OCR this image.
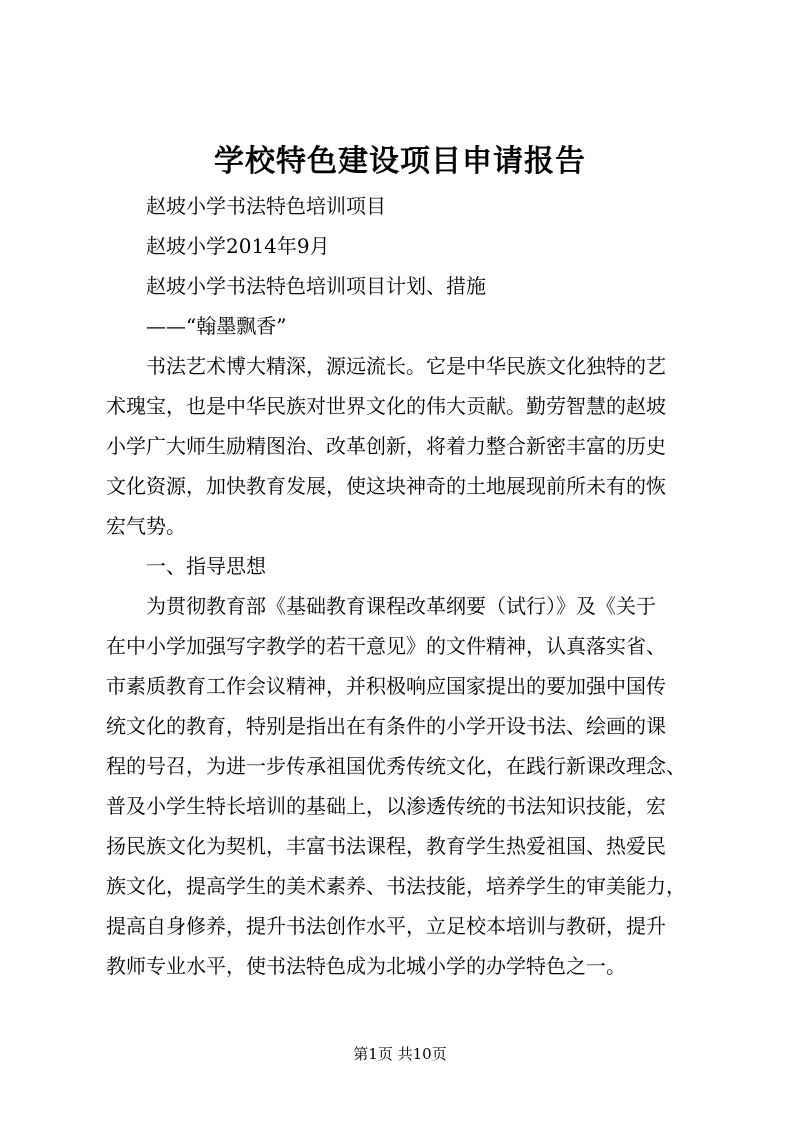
学校特色建设项目申请报告
赵坡小学书法特色培训项目
赵坡小学2014年9月
赵坡小学书法特色培训项目计划、措施
——“翰墨飘香”
书法艺术博大精深，源远流长。它是中华民族文化独特的艺
术瑰宝，也是中华民族对世界文化的伟大贡献。勤劳智慧的赵坡
小学广大师生励精图治、改革创新，将着力整合新密丰富的历史
文化资源，加快教育发展，使这块神奇的土地展现前所未有的恢
宏气势。
一、指导思想
为贯彻教育部《基础教育课程改革纲要（试行）》及《关于
在中小学加强写字教学的若干意见》的文件精神，认真落实省、
市素质教育工作会议精神，并积极响应国家提出的要加强中国传
统文化的教育，特别是指出在有条件的小学开设书法、绘画的课
程的号召，为进一步传承祖国优秀传统文化，在践行新课改理念、
普及小学生特长培训的基础上，以渗透传统的书法知识技能，宏
扬民族文化为契机，丰富书法课程，教育学生热爱祖国、热爱民
族文化，提高学生的美术素养、书法技能，培养学生的审美能力，
提高自身修养，提升书法创作水平，立足校本培训与教研，提升
教师专业水平，使书法特色成为北城小学的办学特色之一。
第1页 共10页
